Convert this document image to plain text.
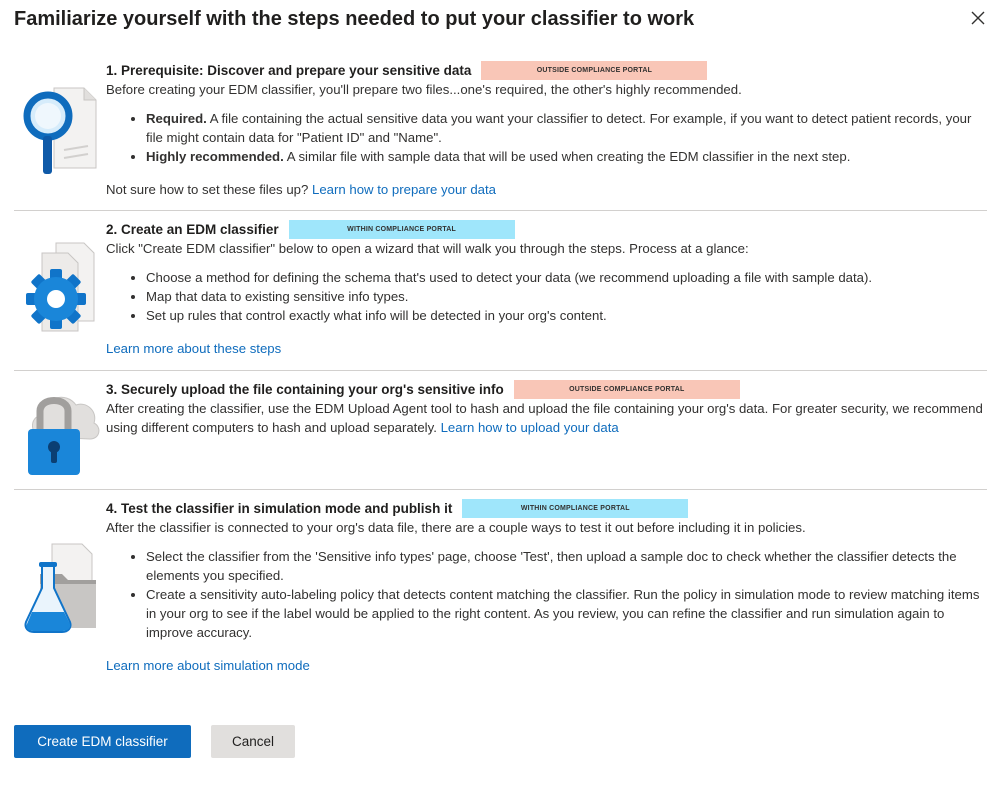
Familiarize yourself with the steps needed to put your classifier to work
1. Prerequisite: Discover and prepare your sensitive data	OUTSIDE COMPLIANCE PORTAL

Before creating your EDM classifier, you'll prepare two files...one's required, the other's highly recommended.

• Required. A file containing the actual sensitive data you want your classifier to detect. For example, if you want to detect patient records, your file might contain data for "Patient ID" and "Name".
• Highly recommended. A similar file with sample data that will be used when creating the EDM classifier in the next step.
Not sure how to set these files up? Learn how to prepare your data
2. Create an EDM classifier	WITHIN COMPLIANCE PORTAL

Click "Create EDM classifier" below to open a wizard that will walk you through the steps. Process at a glance:

• Choose a method for defining the schema that's used to detect your data (we recommend uploading a file with sample data).
• Map that data to existing sensitive info types.
• Set up rules that control exactly what info will be detected in your org's content.
Learn more about these steps
3. Securely upload the file containing your org's sensitive info	OUTSIDE COMPLIANCE PORTAL

After creating the classifier, use the EDM Upload Agent tool to hash and upload the file containing your org's data. For greater security, we recommend using different computers to hash and upload separately. Learn how to upload your data

4. Test the classifier in simulation mode and publish it	WITHIN COMPLIANCE PORTAL

After the classifier is connected to your org's data file, there are a couple ways to test it out before including it in policies.

• Select the classifier from the 'Sensitive info types' page, choose 'Test', then upload a sample doc to check whether the classifier detects the elements you specified.
• Create a sensitivity auto-labeling policy that detects content matching the classifier. Run the policy in simulation mode to review matching items in your org to see if the label would be applied to the right content. As you review, you can refine the classifier and run simulation again to improve accuracy.
Learn more about simulation mode
Create EDM classifier	Cancel
